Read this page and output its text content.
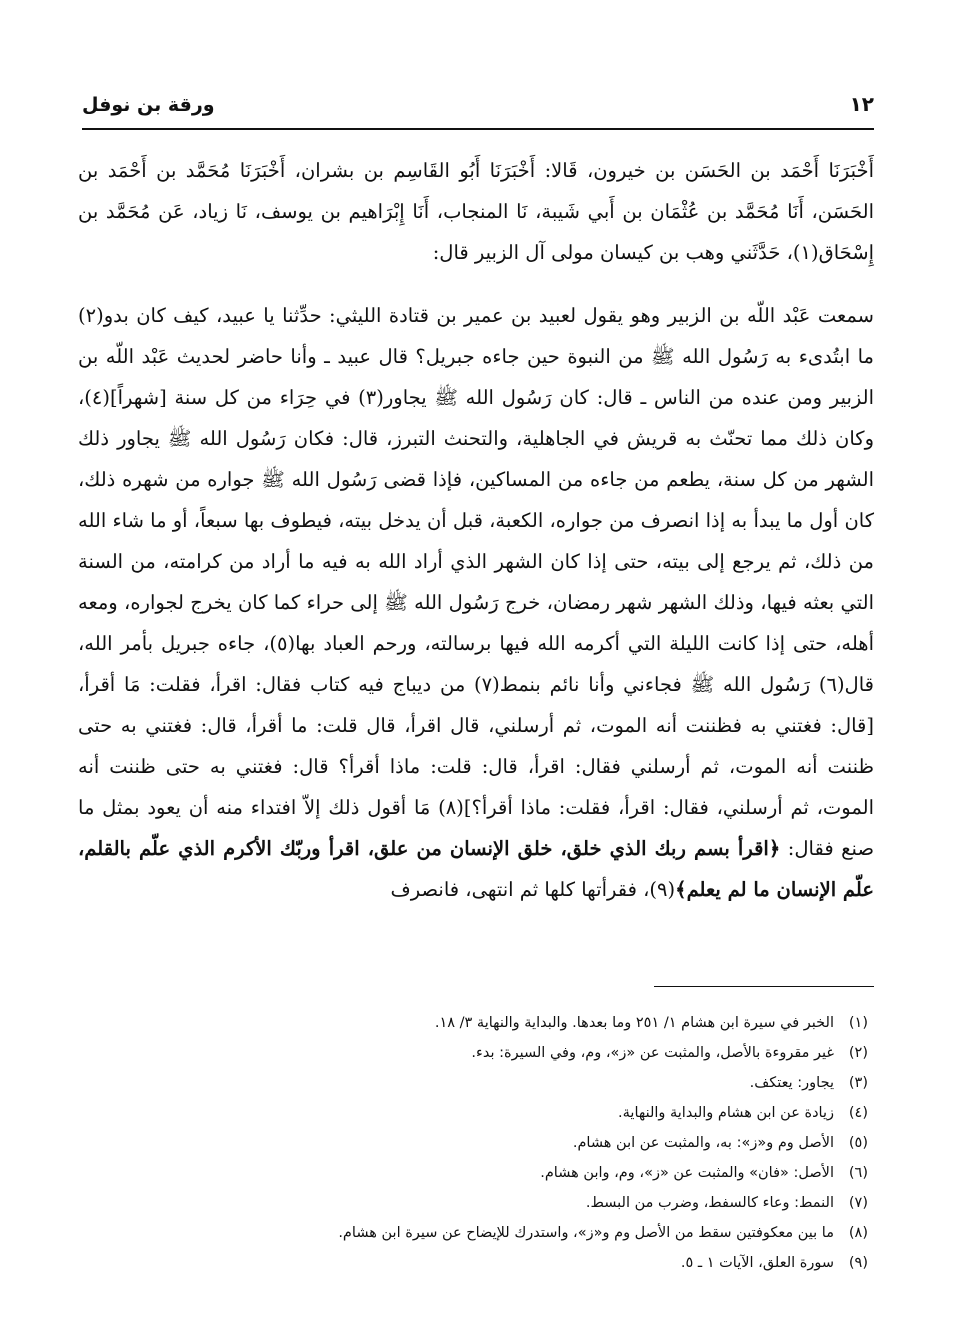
ورقة بن نوفل	١٢

أَخْبَرَنَا أَحْمَد بن الحَسَن بن خيرون، قَالا: أَخْبَرَنَا أَبُو القَاسِم بن بشران، أَخْبَرَنَا مُحَمَّد بن أَحْمَد بن الحَسَن، أَنَا مُحَمَّد بن عُثْمَان بن أَبي شَيبة، نَا المنجاب، أَنَا إِبْرَاهيم بن يوسف، نَا زياد، عَن مُحَمَّد بن إِسْحَاق(١)، حَدَّثَني وهب بن كيسان مولى آل الزبير قال:

سمعت عَبْد اللّه بن الزبير وهو يقول لعبيد بن عمير بن قتادة الليثي: حدِّثنا يا عبيد، كيف كان بدو(٢) ما ابتُدىء به رَسُول الله ﷺ من النبوة حين جاءه جبريل؟ قال عبيد ـ وأنا حاضر لحديث عَبْد اللّه بن الزبير ومن عنده من الناس ـ قال: كان رَسُول الله ﷺ يجاور(٣) في حِرَاء من كل سنة [شهراً](٤)، وكان ذلك مما تحنّث به قريش في الجاهلية، والتحنث التبرز، قال: فكان رَسُول الله ﷺ يجاور ذلك الشهر من كل سنة، يطعم من جاءه من المساكين، فإذا قضى رَسُول الله ﷺ جواره من شهره ذلك، كان أول ما يبدأ به إذا انصرف من جواره، الكعبة، قبل أن يدخل بيته، فيطوف بها سبعاً، أو ما شاء الله من ذلك، ثم يرجع إلى بيته، حتى إذا كان الشهر الذي أراد الله به فيه ما أراد من كرامته، من السنة التي بعثه فيها، وذلك الشهر شهر رمضان، خرج رَسُول الله ﷺ إلى حراء كما كان يخرج لجواره، ومعه أهله، حتى إذا كانت الليلة التي أكرمه الله فيها برسالته، ورحم العباد بها(٥)، جاءه جبريل بأمر الله، قال(٦) رَسُول الله ﷺ فجاءني وأنا نائم بنمط(٧) من ديباج فيه كتاب فقال: اقرأ، فقلت: مَا أقرأ، [قال: فغتني به فظننت أنه الموت، ثم أرسلني، قال اقرأ، قال قلت: ما أقرأ، قال: فغتني به حتى ظننت أنه الموت، ثم أرسلني فقال: اقرأ، قال: قلت: ماذا أقرأ؟ قال: فغتني به حتى ظننت أنه الموت، ثم أرسلني، فقال: اقرأ، فقلت: ماذا أقرأ؟](٨) مَا أقول ذلك إلاّ افتداء منه أن يعود بمثل ما صنع فقال: ﴿اقرأ بسم ربك الذي خلق، خلق الإنسان من علق، اقرأ وربّك الأكرم الذي علّم بالقلم، علّم الإنسان ما لم يعلم﴾(٩)، فقرأتها كلها ثم انتهى، فانصرف

(١)الخبر في سيرة ابن هشام ١/ ٢٥١ وما بعدها. والبداية والنهاية ٣/ ١٨.
(٢)غير مقروءة بالأصل، والمثبت عن «ز»، وم، وفي السيرة: بدء.
(٣)يجاور: يعتكف.
(٤)زيادة عن ابن هشام والبداية والنهاية.
(٥)الأصل وم و«ز»: به، والمثبت عن ابن هشام.
(٦)الأصل: «فان» والمثبت عن «ز»، وم، وابن هشام.
(٧)النمط: وعاء كالسفط، وضرب من البسط.
(٨)ما بين معكوفتين سقط من الأصل وم و«ز»، واستدرك للإيضاح عن سيرة ابن هشام.
(٩)سورة العلق، الآيات ١ ـ ٥.
